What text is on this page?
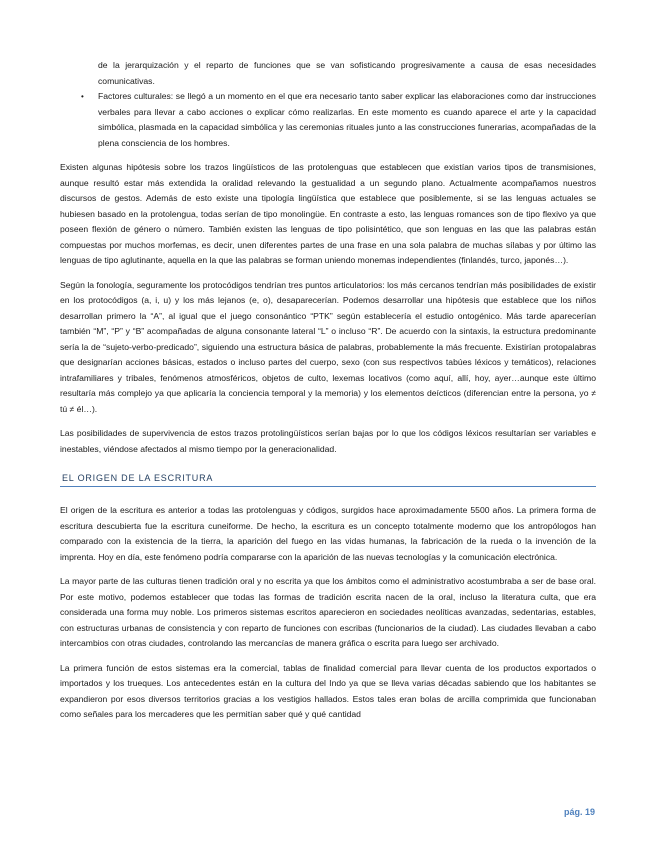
de la jerarquización y el reparto de funciones que se van sofisticando progresivamente a causa de esas necesidades comunicativas.
• Factores culturales: se llegó a un momento en el que era necesario tanto saber explicar las elaboraciones como dar instrucciones verbales para llevar a cabo acciones o explicar cómo realizarlas. En este momento es cuando aparece el arte y la capacidad simbólica, plasmada en la capacidad simbólica y las ceremonias rituales junto a las construcciones funerarias, acompañadas de la plena consciencia de los hombres.

Existen algunas hipótesis sobre los trazos lingüísticos de las protolenguas que establecen que existían varios tipos de transmisiones, aunque resultó estar más extendida la oralidad relevando la gestualidad a un segundo plano. Actualmente acompañamos nuestros discursos de gestos. Además de esto existe una tipología lingüística que establece que posiblemente, si se las lenguas actuales se hubiesen basado en la protolengua, todas serían de tipo monolingüe. En contraste a esto, las lenguas romances son de tipo flexivo ya que poseen flexión de género o número. También existen las lenguas de tipo polisintético, que son lenguas en las que las palabras están compuestas por muchos morfemas, es decir, unen diferentes partes de una frase en una sola palabra de muchas sílabas y por último las lenguas de tipo aglutinante, aquella en la que las palabras se forman uniendo monemas independientes (finlandés, turco, japonés…).

Según la fonología, seguramente los protocódigos tendrían tres puntos articulatorios: los más cercanos tendrían más posibilidades de existir en los protocódigos (a, i, u) y los más lejanos (e, o), desaparecerían. Podemos desarrollar una hipótesis que establece que los niños desarrollan primero la “A”, al igual que el juego consonántico “PTK” según establecería el estudio ontogénico. Más tarde aparecerían también “M”, “P” y “B” acompañadas de alguna consonante lateral “L” o incluso “R”. De acuerdo con la sintaxis, la estructura predominante sería la de “sujeto-verbo-predicado”, siguiendo una estructura básica de palabras, probablemente la más frecuente. Existirían protopalabras que designarían acciones básicas, estados o incluso partes del cuerpo, sexo (con sus respectivos tabúes léxicos y temáticos), relaciones intrafamiliares y tribales, fenómenos atmosféricos, objetos de culto, lexemas locativos (como aquí, allí, hoy, ayer…aunque este último resultaría más complejo ya que aplicaría la conciencia temporal y la memoria) y los elementos deícticos (diferencian entre la persona, yo ≠ tú ≠ él…).

Las posibilidades de supervivencia de estos trazos protolingüísticos serían bajas por lo que los códigos léxicos resultarían ser variables e inestables, viéndose afectados al mismo tiempo por la generacionalidad.

EL ORIGEN DE LA ESCRITURA

El origen de la escritura es anterior a todas las protolenguas y códigos, surgidos hace aproximadamente 5500 años. La primera forma de escritura descubierta fue la escritura cuneiforme. De hecho, la escritura es un concepto totalmente moderno que los antropólogos han comparado con la existencia de la tierra, la aparición del fuego en las vidas humanas, la fabricación de la rueda o la invención de la imprenta. Hoy en día, este fenómeno podría compararse con la aparición de las nuevas tecnologías y la comunicación electrónica.

La mayor parte de las culturas tienen tradición oral y no escrita ya que los ámbitos como el administrativo acostumbraba a ser de base oral. Por este motivo, podemos establecer que todas las formas de tradición escrita nacen de la oral, incluso la literatura culta, que era considerada una forma muy noble. Los primeros sistemas escritos aparecieron en sociedades neolíticas avanzadas, sedentarias, estables, con estructuras urbanas de consistencia y con reparto de funciones con escribas (funcionarios de la ciudad). Las ciudades llevaban a cabo intercambios con otras ciudades, controlando las mercancías de manera gráfica o escrita para luego ser archivado.

La primera función de estos sistemas era la comercial, tablas de finalidad comercial para llevar cuenta de los productos exportados o importados y los trueques. Los antecedentes están en la cultura del Indo ya que se lleva varias décadas sabiendo que los habitantes se expandieron por esos diversos territorios gracias a los vestigios hallados. Estos tales eran bolas de arcilla comprimida que funcionaban como señales para los mercaderes que les permitían saber qué y qué cantidad

pág. 19
